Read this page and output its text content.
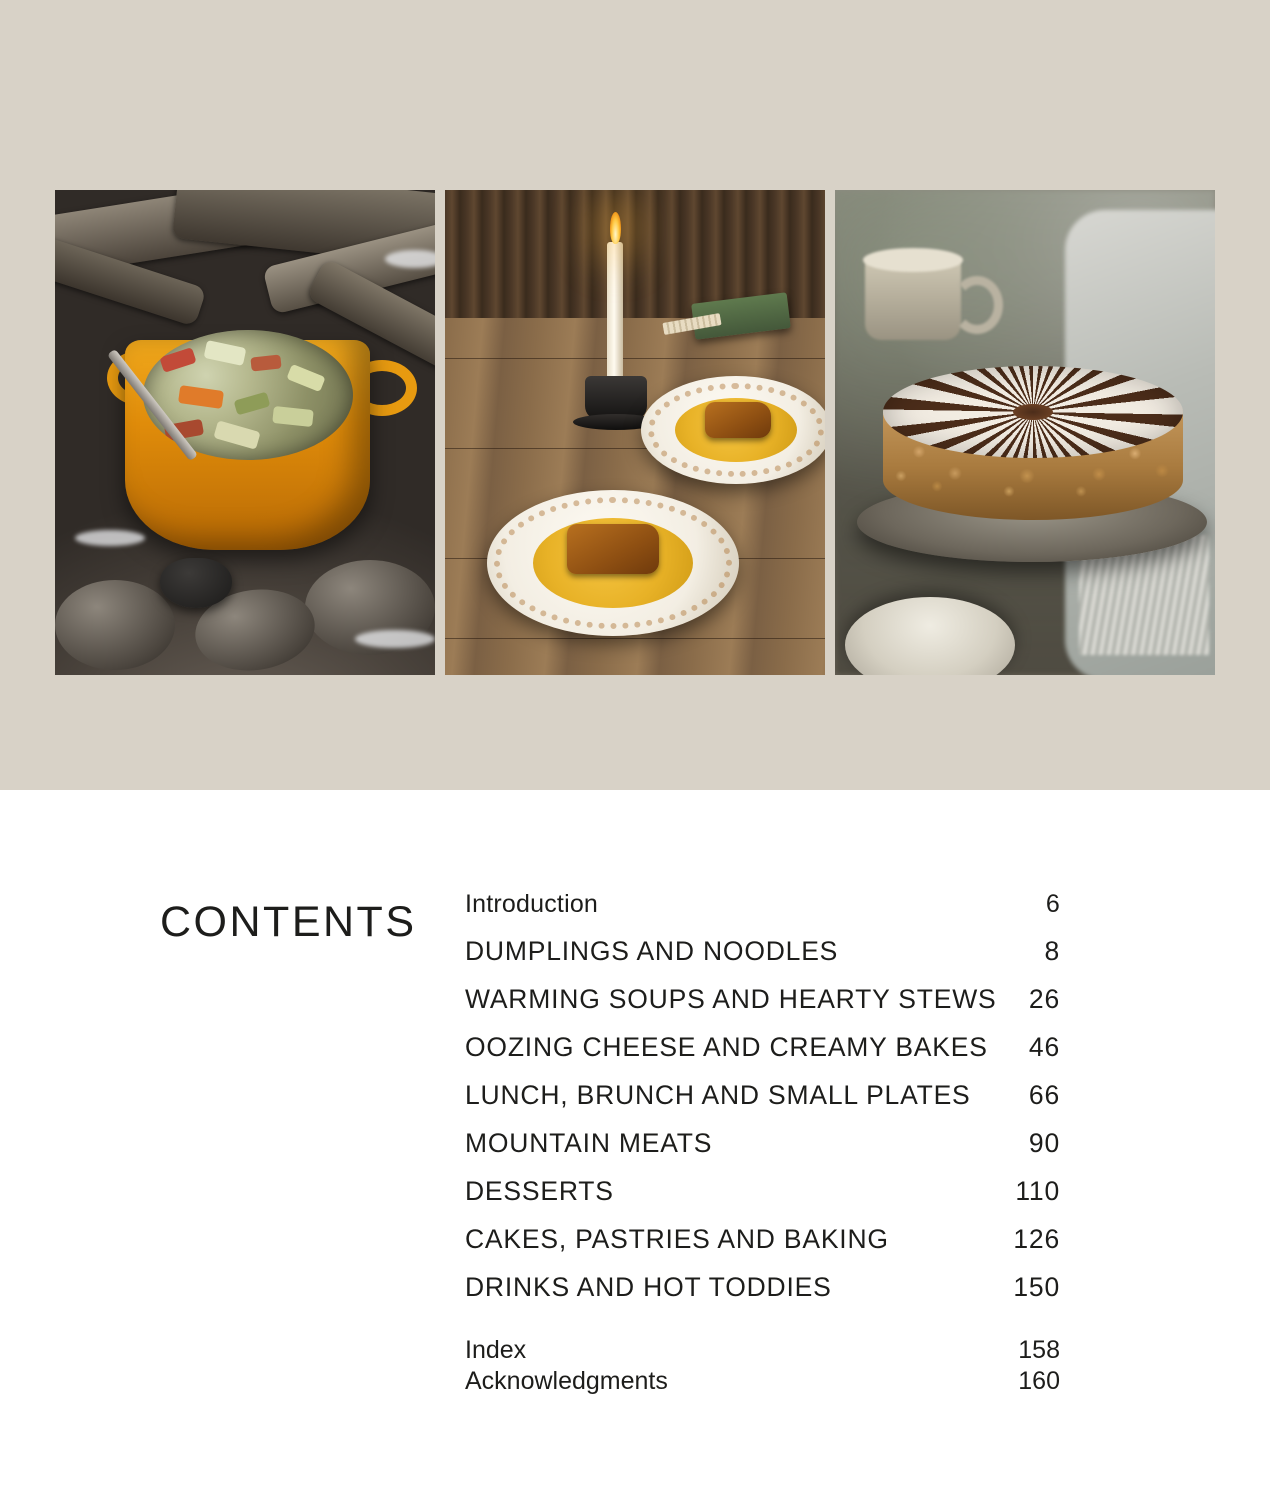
CONTENTS Introduction	6
DUMPLINGS AND NOODLES	8
WARMING SOUPS AND HEARTY STEWS 26
OOZING CHEESE AND CREAMY BAKES 46
LUNCH, BRUNCH AND SMALL PLATES 66
MOUNTAIN MEATS	90
DESSERTS	110
CAKES, PASTRIES AND BAKING	126
DRINKS AND HOT TODDIES	150
Index	158
Acknowledgments	160
